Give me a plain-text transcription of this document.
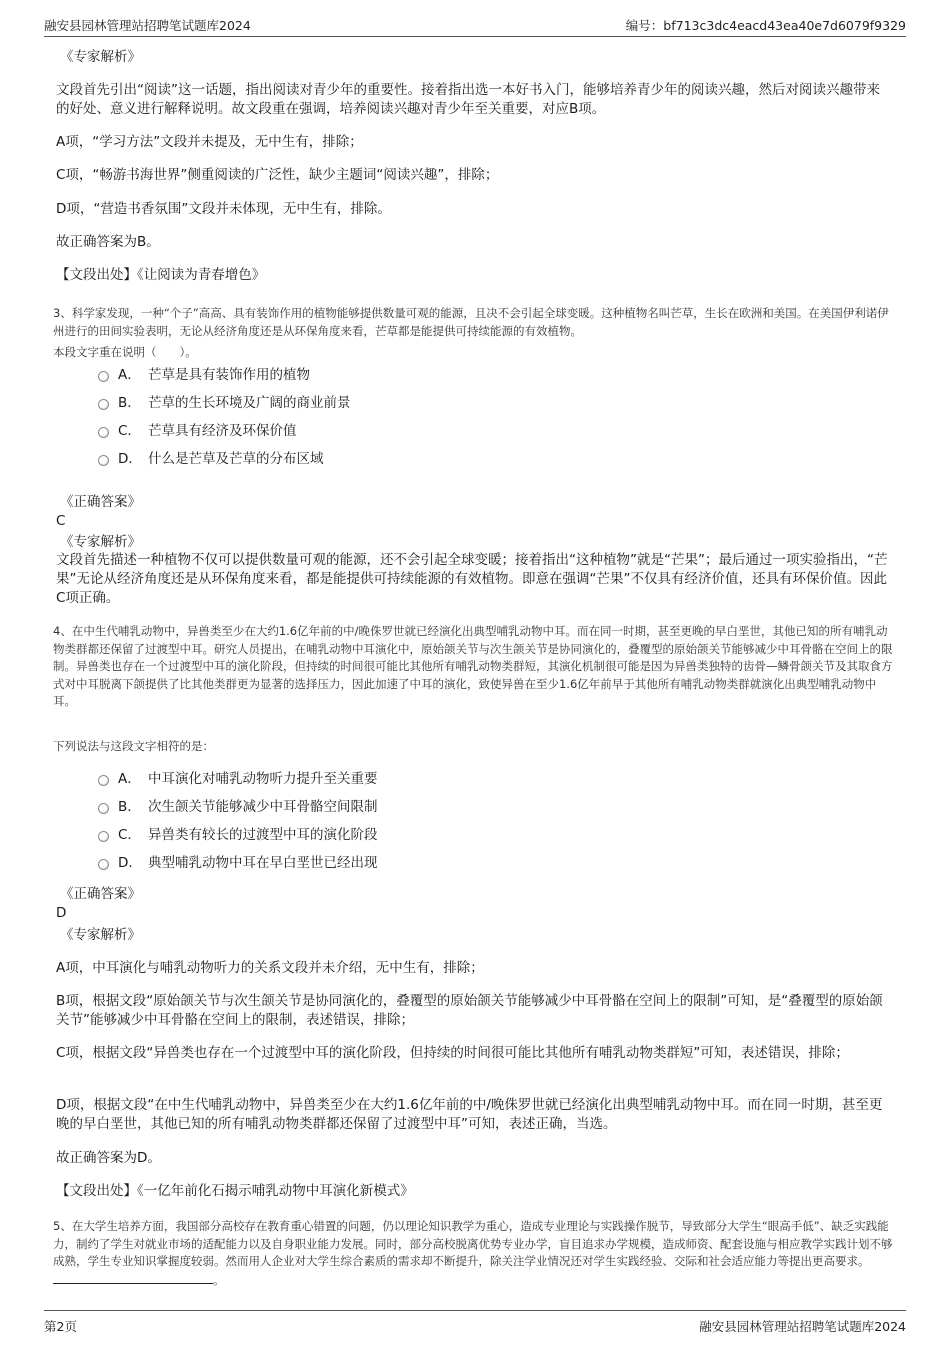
融安县园林管理站招聘笔试题库2024	编号：bf713c3dc4eacd43ea40e7d6079f9329

《专家解析》

文段首先引出“阅读”这一话题，指出阅读对青少年的重要性。接着指出选一本好书入门，能够培养青少年的阅读兴趣，然后对阅读兴趣带来的好处、意义进行解释说明。故文段重在强调，培养阅读兴趣对青少年至关重要，对应B项。

A项，“学习方法”文段并未提及，无中生有，排除；

C项，“畅游书海世界”侧重阅读的广泛性，缺少主题词“阅读兴趣”，排除；

D项，“营造书香氛围”文段并未体现，无中生有，排除。

故正确答案为B。

【文段出处】《让阅读为青春增色》

3、科学家发现，一种“个子”高高、具有装饰作用的植物能够提供数量可观的能源，且决不会引起全球变暖。这种植物名叫芒草，生长在欧洲和美国。在美国伊利诺伊州进行的田间实验表明，无论从经济角度还是从环保角度来看，芒草都是能提供可持续能源的有效植物。

本段文字重在说明（　　）。

A． 芒草是具有装饰作用的植物
B． 芒草的生长环境及广阔的商业前景
C． 芒草具有经济及环保价值
D． 什么是芒草及芒草的分布区域

《正确答案》

C

《专家解析》

文段首先描述一种植物不仅可以提供数量可观的能源，还不会引起全球变暖；接着指出“这种植物”就是“芒果”；最后通过一项实验指出，“芒果”无论从经济角度还是从环保角度来看，都是能提供可持续能源的有效植物。即意在强调“芒果”不仅具有经济价值，还具有环保价值。因此C项正确。

4、在中生代哺乳动物中，异兽类至少在大约1.6亿年前的中/晚侏罗世就已经演化出典型哺乳动物中耳。而在同一时期，甚至更晚的早白垩世，其他已知的所有哺乳动物类群都还保留了过渡型中耳。研究人员提出，在哺乳动物中耳演化中，原始颌关节与次生颌关节是协同演化的，叠覆型的原始颌关节能够减少中耳骨骼在空间上的限制。异兽类也存在一个过渡型中耳的演化阶段，但持续的时间很可能比其他所有哺乳动物类群短，其演化机制很可能是因为异兽类独特的齿骨—鳞骨颌关节及其取食方式对中耳脱离下颌提供了比其他类群更为显著的选择压力，因此加速了中耳的演化，致使异兽在至少1.6亿年前早于其他所有哺乳动物类群就演化出典型哺乳动物中耳。

下列说法与这段文字相符的是：

A． 中耳演化对哺乳动物听力提升至关重要
B． 次生颌关节能够减少中耳骨骼空间限制
C． 异兽类有较长的过渡型中耳的演化阶段
D． 典型哺乳动物中耳在早白垩世已经出现

《正确答案》

D

《专家解析》

A项，中耳演化与哺乳动物听力的关系文段并未介绍，无中生有，排除；

B项，根据文段“原始颌关节与次生颌关节是协同演化的，叠覆型的原始颌关节能够减少中耳骨骼在空间上的限制”可知，是“叠覆型的原始颌关节”能够减少中耳骨骼在空间上的限制，表述错误，排除；

C项，根据文段“异兽类也存在一个过渡型中耳的演化阶段，但持续的时间很可能比其他所有哺乳动物类群短”可知，表述错误，排除；

D项，根据文段“在中生代哺乳动物中，异兽类至少在大约1.6亿年前的中/晚侏罗世就已经演化出典型哺乳动物中耳。而在同一时期，甚至更晚的早白垩世，其他已知的所有哺乳动物类群都还保留了过渡型中耳”可知，表述正确，当选。

故正确答案为D。

【文段出处】《一亿年前化石揭示哺乳动物中耳演化新模式》

5、在大学生培养方面，我国部分高校存在教育重心错置的问题，仍以理论知识教学为重心，造成专业理论与实践操作脱节，导致部分大学生“眼高手低”、缺乏实践能力，制约了学生对就业市场的适配能力以及自身职业能力发展。同时，部分高校脱离优势专业办学，盲目追求办学规模，造成师资、配套设施与相应教学实践计划不够成熟，学生专业知识掌握度较弱。然而用人企业对大学生综合素质的需求却不断提升，除关注学业情况还对学生实践经验、交际和社会适应能力等提出更高要求。 。

第2页	融安县园林管理站招聘笔试题库2024
